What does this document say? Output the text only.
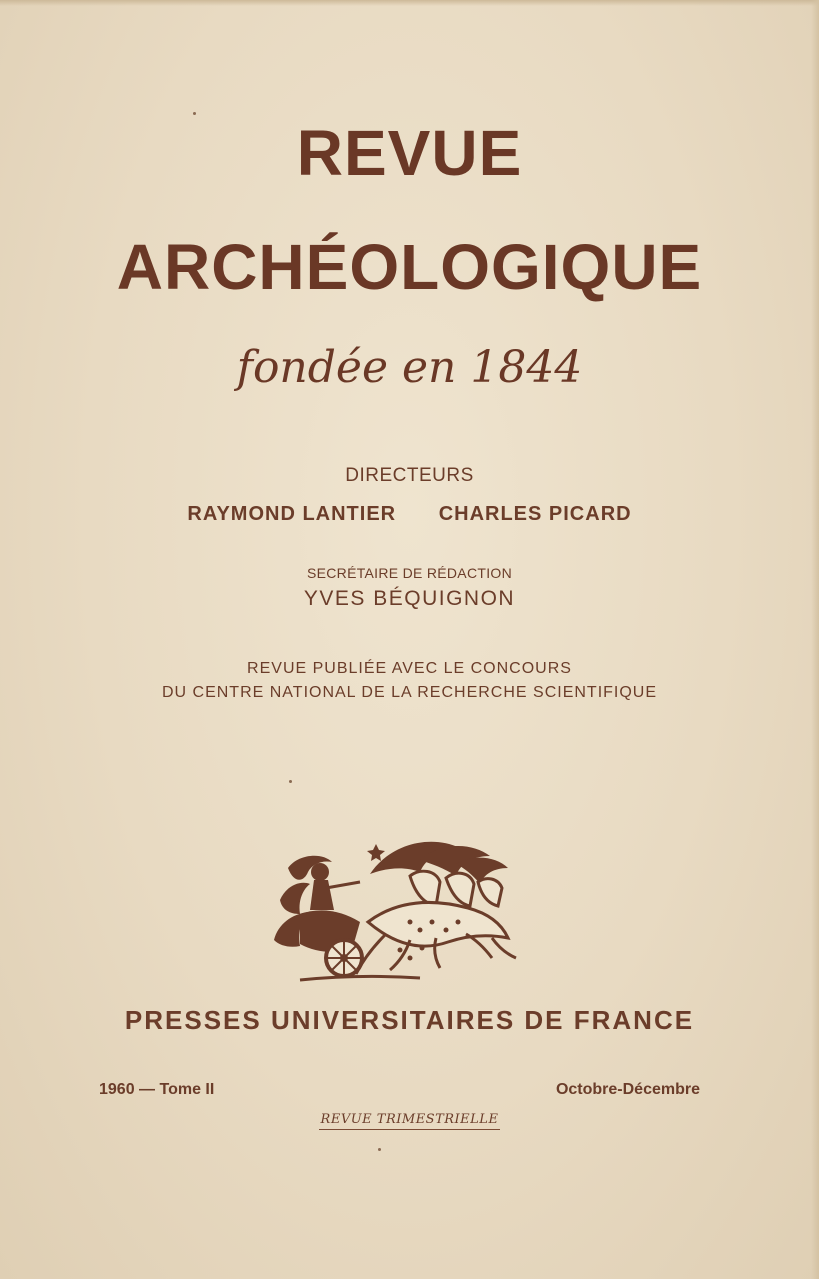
REVUE
ARCHÉOLOGIQUE
fondée en 1844
DIRECTEURS
RAYMOND LANTIER CHARLES PICARD
SECRÉTAIRE DE RÉDACTION
YVES BÉQUIGNON
REVUE PUBLIÉE AVEC LE CONCOURS
DU CENTRE NATIONAL DE LA RECHERCHE SCIENTIFIQUE
PRESSES UNIVERSITAIRES DE FRANCE
1960 — Tome II	Octobre-Décembre
REVUE TRIMESTRIELLE
